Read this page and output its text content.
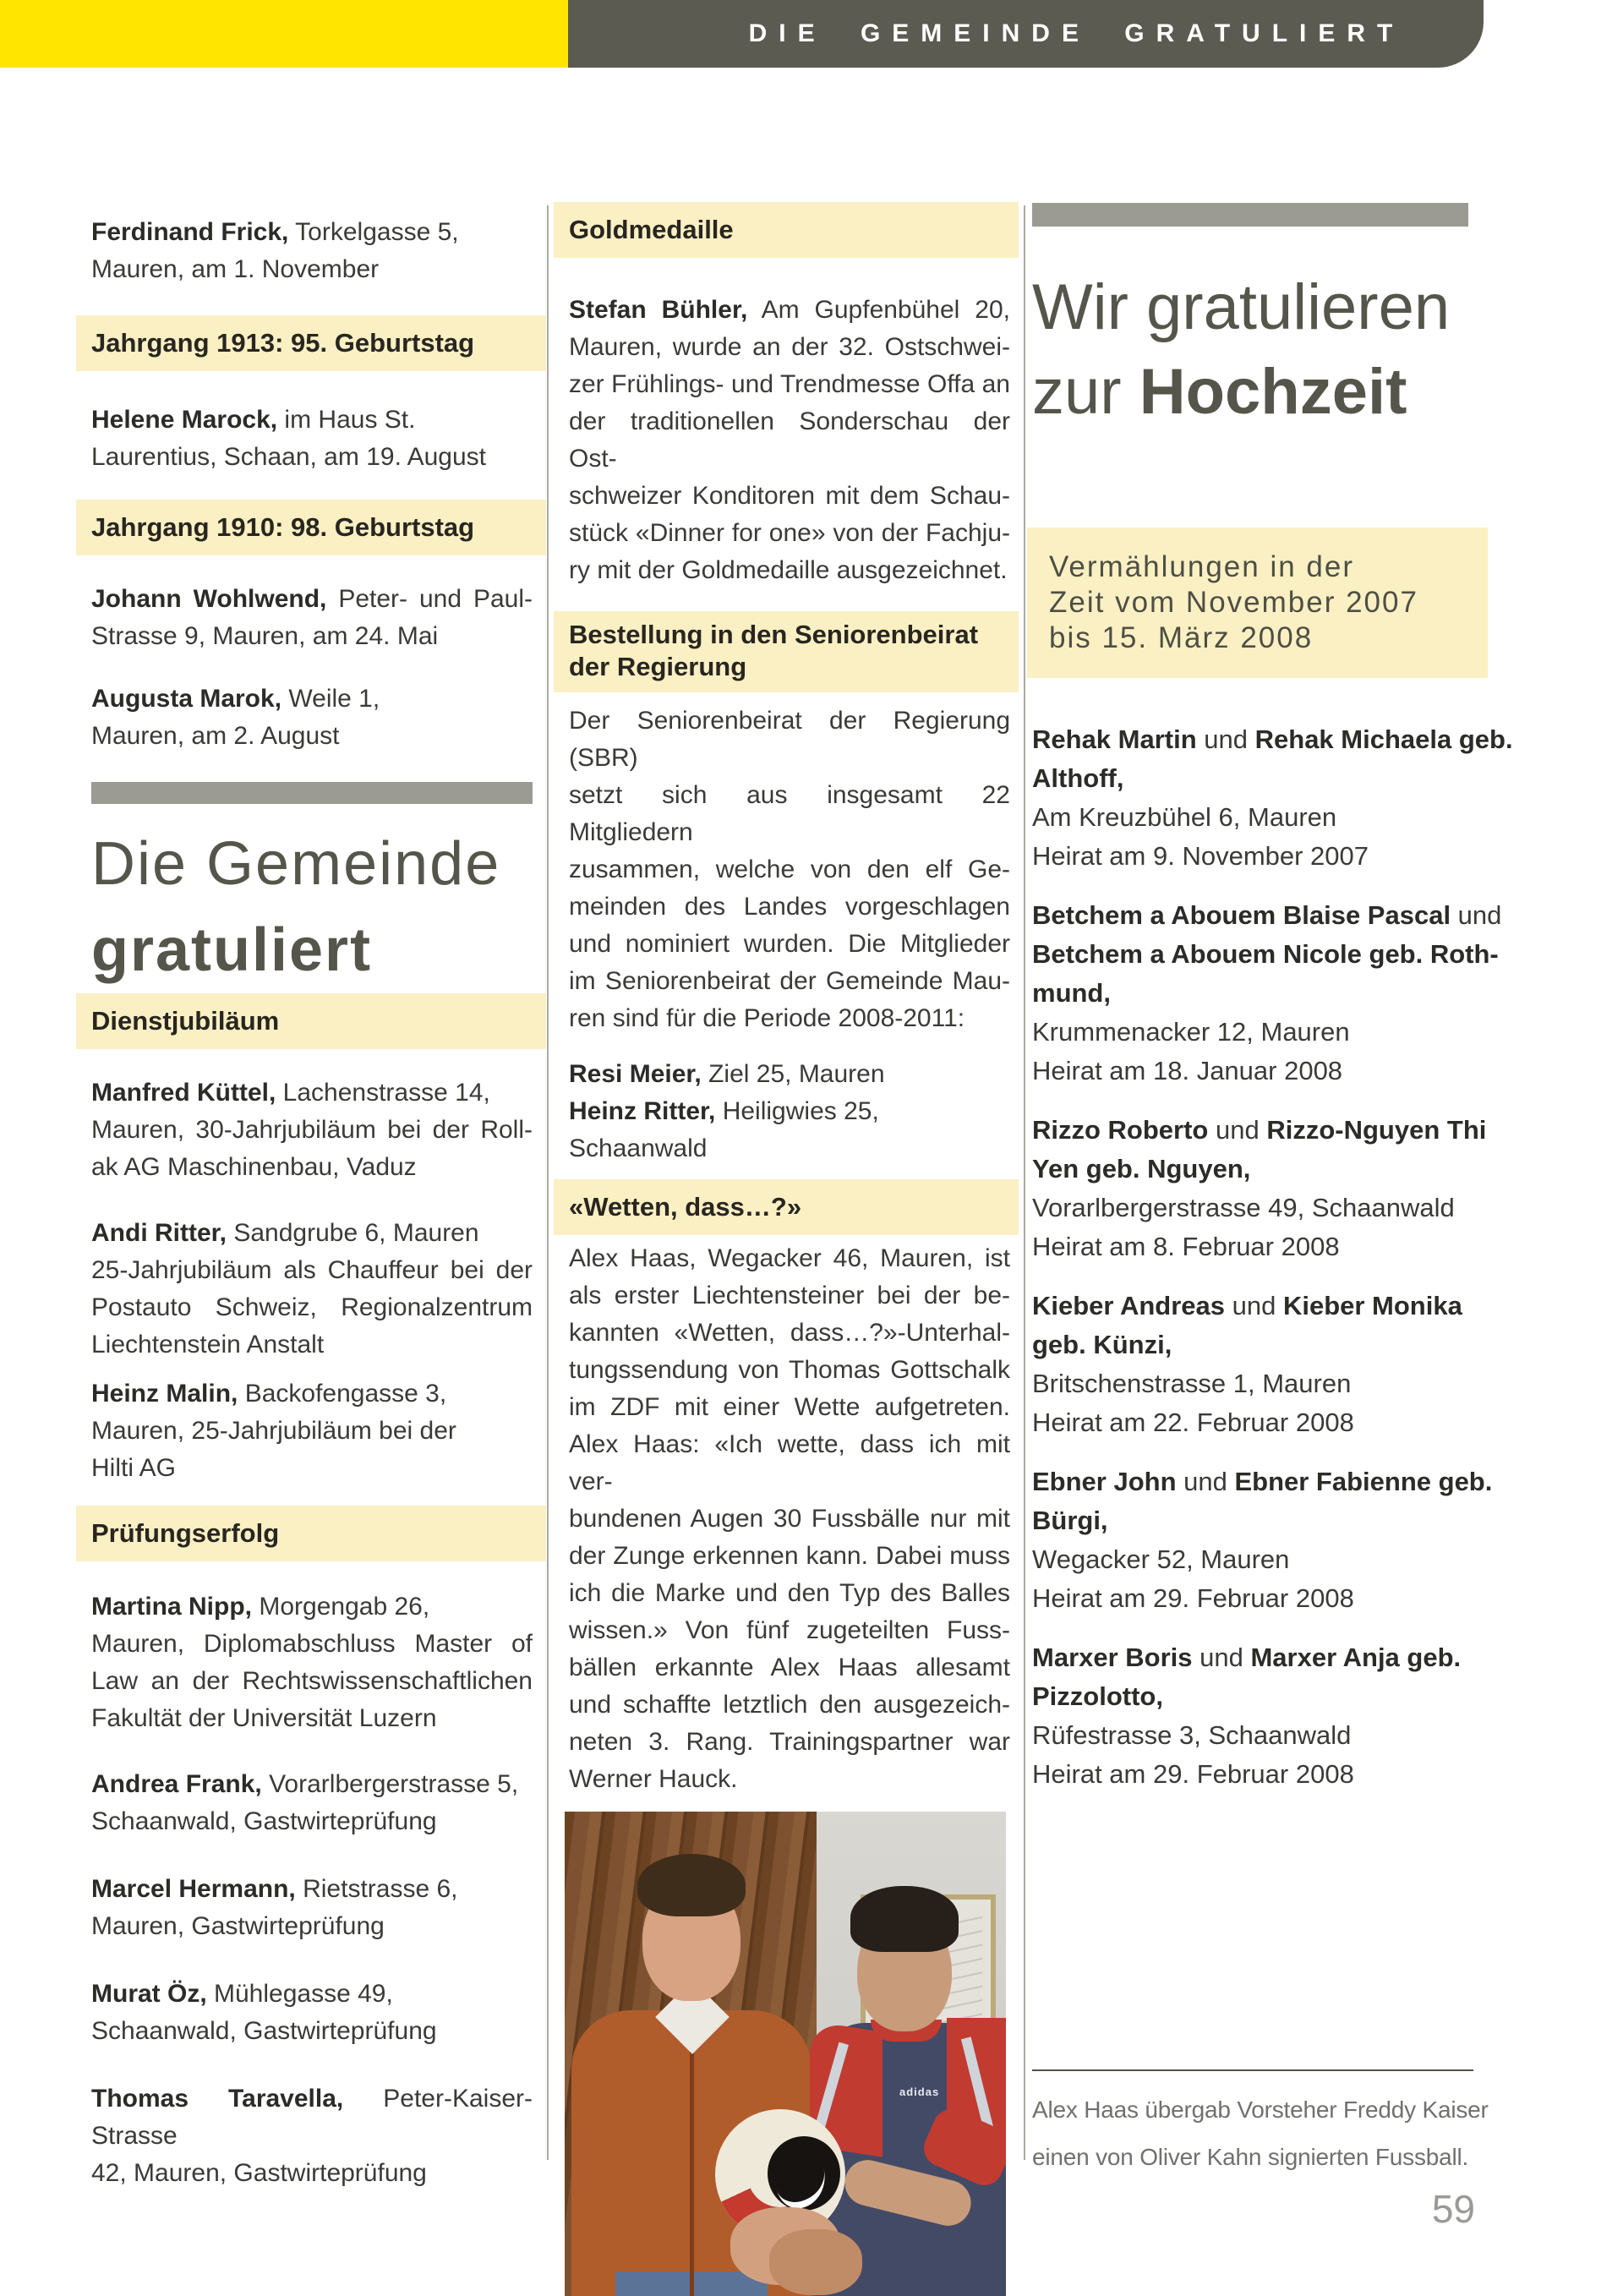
DIE GEMEINDE GRATULIERT
Ferdinand Frick, Torkelgasse 5,
Mauren, am 1. November
Jahrgang 1913: 95. Geburtstag
Helene Marock, im Haus St.
Laurentius, Schaan, am 19. August
Jahrgang 1910: 98. Geburtstag
Johann Wohlwend, Peter- und Paul-
Strasse 9, Mauren, am 24. Mai
Augusta Marok, Weile 1,
Mauren, am 2. August
Die Gemeinde
gratuliert
Dienstjubiläum
Manfred Küttel, Lachenstrasse 14,
Mauren, 30-Jahrjubiläum bei der Roll-
ak AG Maschinenbau, Vaduz
Andi Ritter, Sandgrube 6, Mauren
25-Jahrjubiläum als Chauffeur bei der
Postauto Schweiz, Regionalzentrum
Liechtenstein Anstalt
Heinz Malin, Backofengasse 3,
Mauren, 25-Jahrjubiläum bei der
Hilti AG
Prüfungserfolg
Martina Nipp, Morgengab 26,
Mauren, Diplomabschluss Master of
Law an der Rechtswissenschaftlichen
Fakultät der Universität Luzern
Andrea Frank, Vorarlbergerstrasse 5,
Schaanwald, Gastwirteprüfung
Marcel Hermann, Rietstrasse 6,
Mauren, Gastwirteprüfung
Murat Öz, Mühlegasse 49,
Schaanwald, Gastwirteprüfung
Thomas Taravella, Peter-Kaiser-Strasse
42, Mauren, Gastwirteprüfung
Goldmedaille
Stefan Bühler, Am Gupfenbühel 20,
Mauren, wurde an der 32. Ostschwei-
zer Frühlings- und Trendmesse Offa an
der traditionellen Sonderschau der Ost-
schweizer Konditoren mit dem Schau-
stück «Dinner for one» von der Fachju-
ry mit der Goldmedaille ausgezeichnet.
Bestellung in den Seniorenbeirat
der Regierung
Der Seniorenbeirat der Regierung (SBR)
setzt sich aus insgesamt 22 Mitgliedern
zusammen, welche von den elf Ge-
meinden des Landes vorgeschlagen
und nominiert wurden. Die Mitglieder
im Seniorenbeirat der Gemeinde Mau-
ren sind für die Periode 2008-2011:
Resi Meier, Ziel 25, Mauren
Heinz Ritter, Heiligwies 25,
Schaanwald
«Wetten, dass…?»
Alex Haas, Wegacker 46, Mauren, ist
als erster Liechtensteiner bei der be-
kannten «Wetten, dass…?»-Unterhal-
tungssendung von Thomas Gottschalk
im ZDF mit einer Wette aufgetreten.
Alex Haas: «Ich wette, dass ich mit ver-
bundenen Augen 30 Fussbälle nur mit
der Zunge erkennen kann. Dabei muss
ich die Marke und den Typ des Balles
wissen.» Von fünf zugeteilten Fuss-
bällen erkannte Alex Haas allesamt
und schaffte letztlich den ausgezeich-
neten 3. Rang. Trainingspartner war
Werner Hauck.
adidas
Wir gratulieren
zur Hochzeit
Vermählungen in der
Zeit vom November 2007
bis 15. März 2008
Rehak Martin und Rehak Michaela geb.
Althoff,
Am Kreuzbühel 6, Mauren
Heirat am 9. November 2007
Betchem a Abouem Blaise Pascal und
Betchem a Abouem Nicole geb. Roth-
mund,
Krummenacker 12, Mauren
Heirat am 18. Januar 2008
Rizzo Roberto und Rizzo-Nguyen Thi
Yen geb. Nguyen,
Vorarlbergerstrasse 49, Schaanwald
Heirat am 8. Februar 2008
Kieber Andreas und Kieber Monika
geb. Künzi,
Britschenstrasse 1, Mauren
Heirat am 22. Februar 2008
Ebner John und Ebner Fabienne geb.
Bürgi,
Wegacker 52, Mauren
Heirat am 29. Februar 2008
Marxer Boris und Marxer Anja geb.
Pizzolotto,
Rüfestrasse 3, Schaanwald
Heirat am 29. Februar 2008
Alex Haas übergab Vorsteher Freddy Kaiser
einen von Oliver Kahn signierten Fussball.
59
